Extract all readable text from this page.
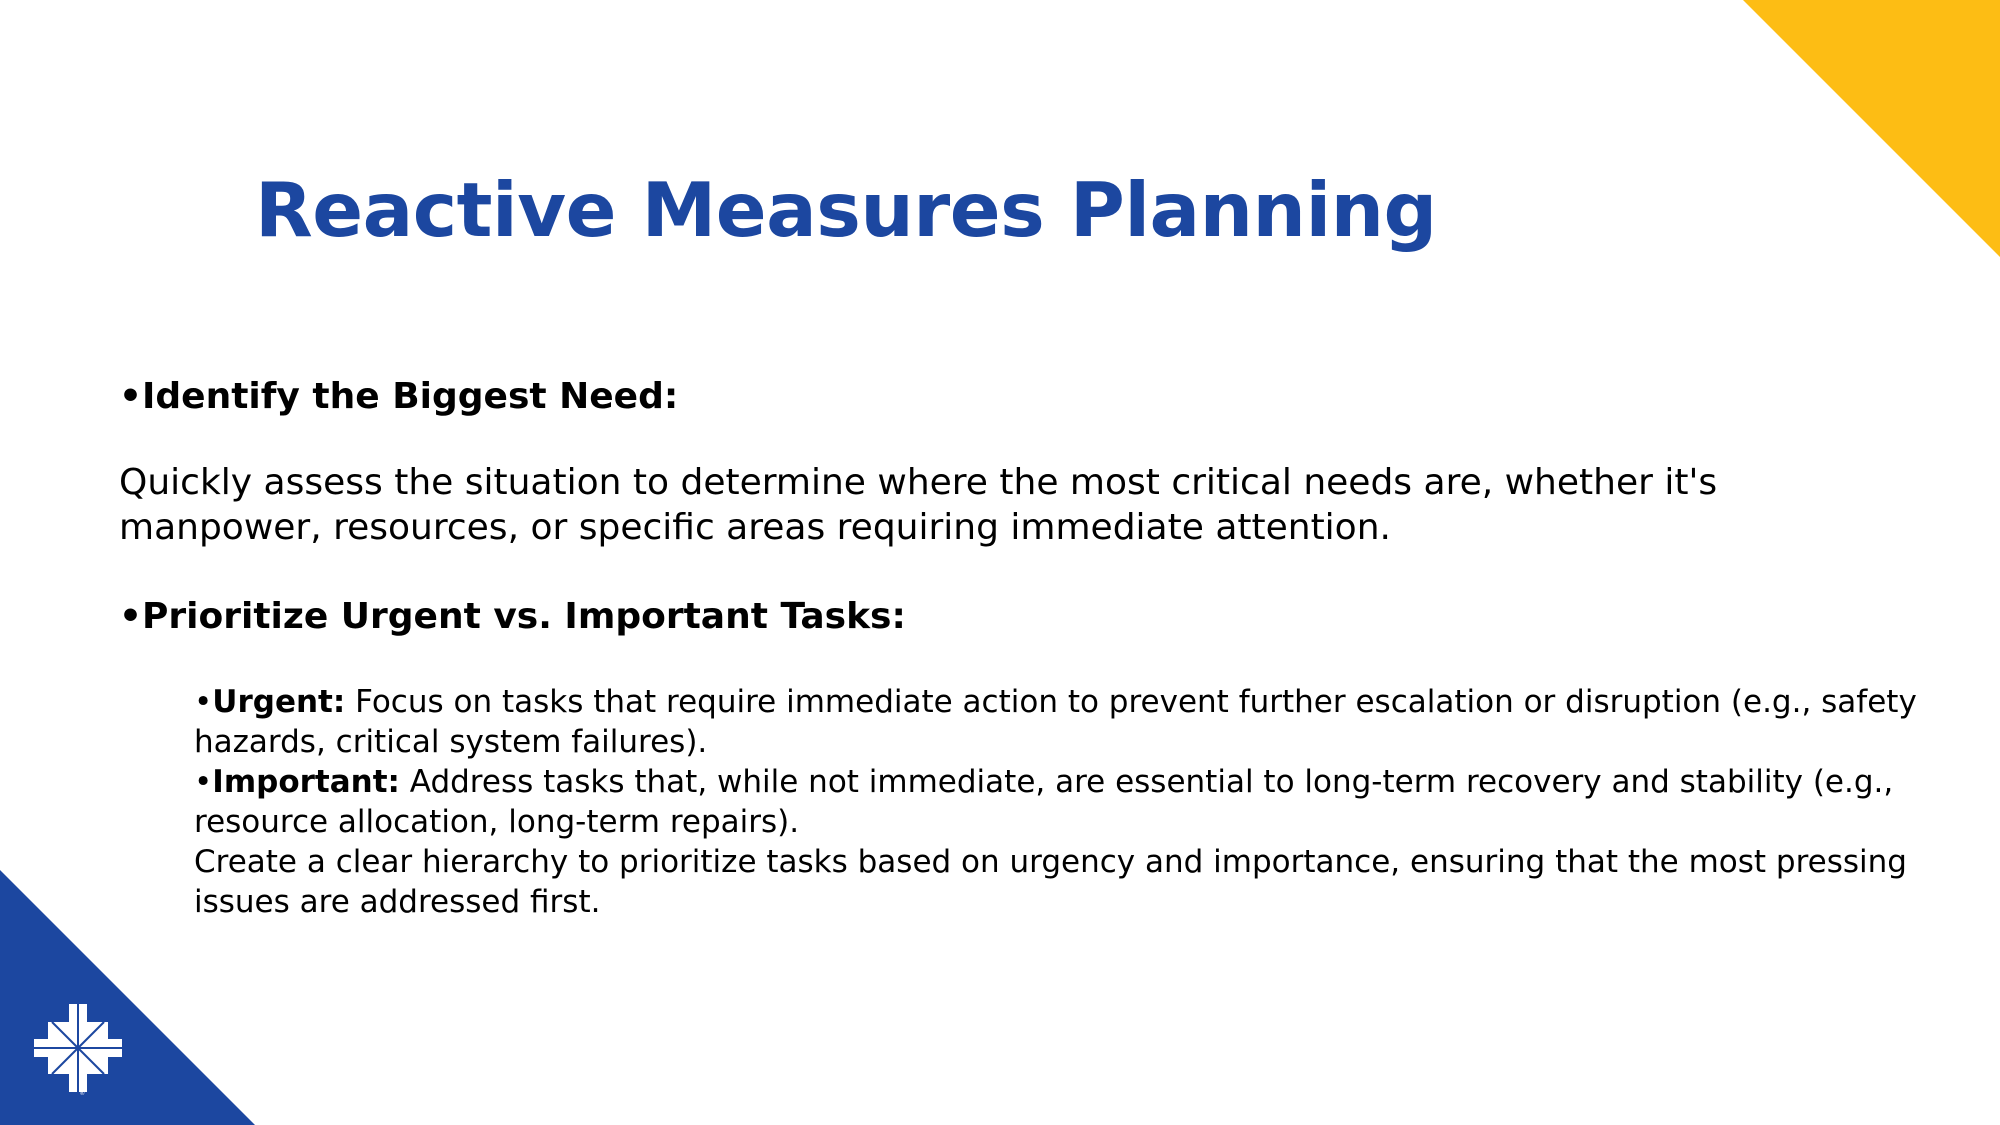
®
Reactive Measures Planning

•Identify the Biggest Need:

Quickly assess the situation to determine where the most critical needs are, whether it's manpower, resources, or specific areas requiring immediate attention.

•Prioritize Urgent vs. Important Tasks:

•Urgent: Focus on tasks that require immediate action to prevent further escalation or disruption (e.g., safety hazards, critical system failures).

•Important: Address tasks that, while not immediate, are essential to long-term recovery and stability (e.g., resource allocation, long-term repairs).

Create a clear hierarchy to prioritize tasks based on urgency and importance, ensuring that the most pressing issues are addressed first.
